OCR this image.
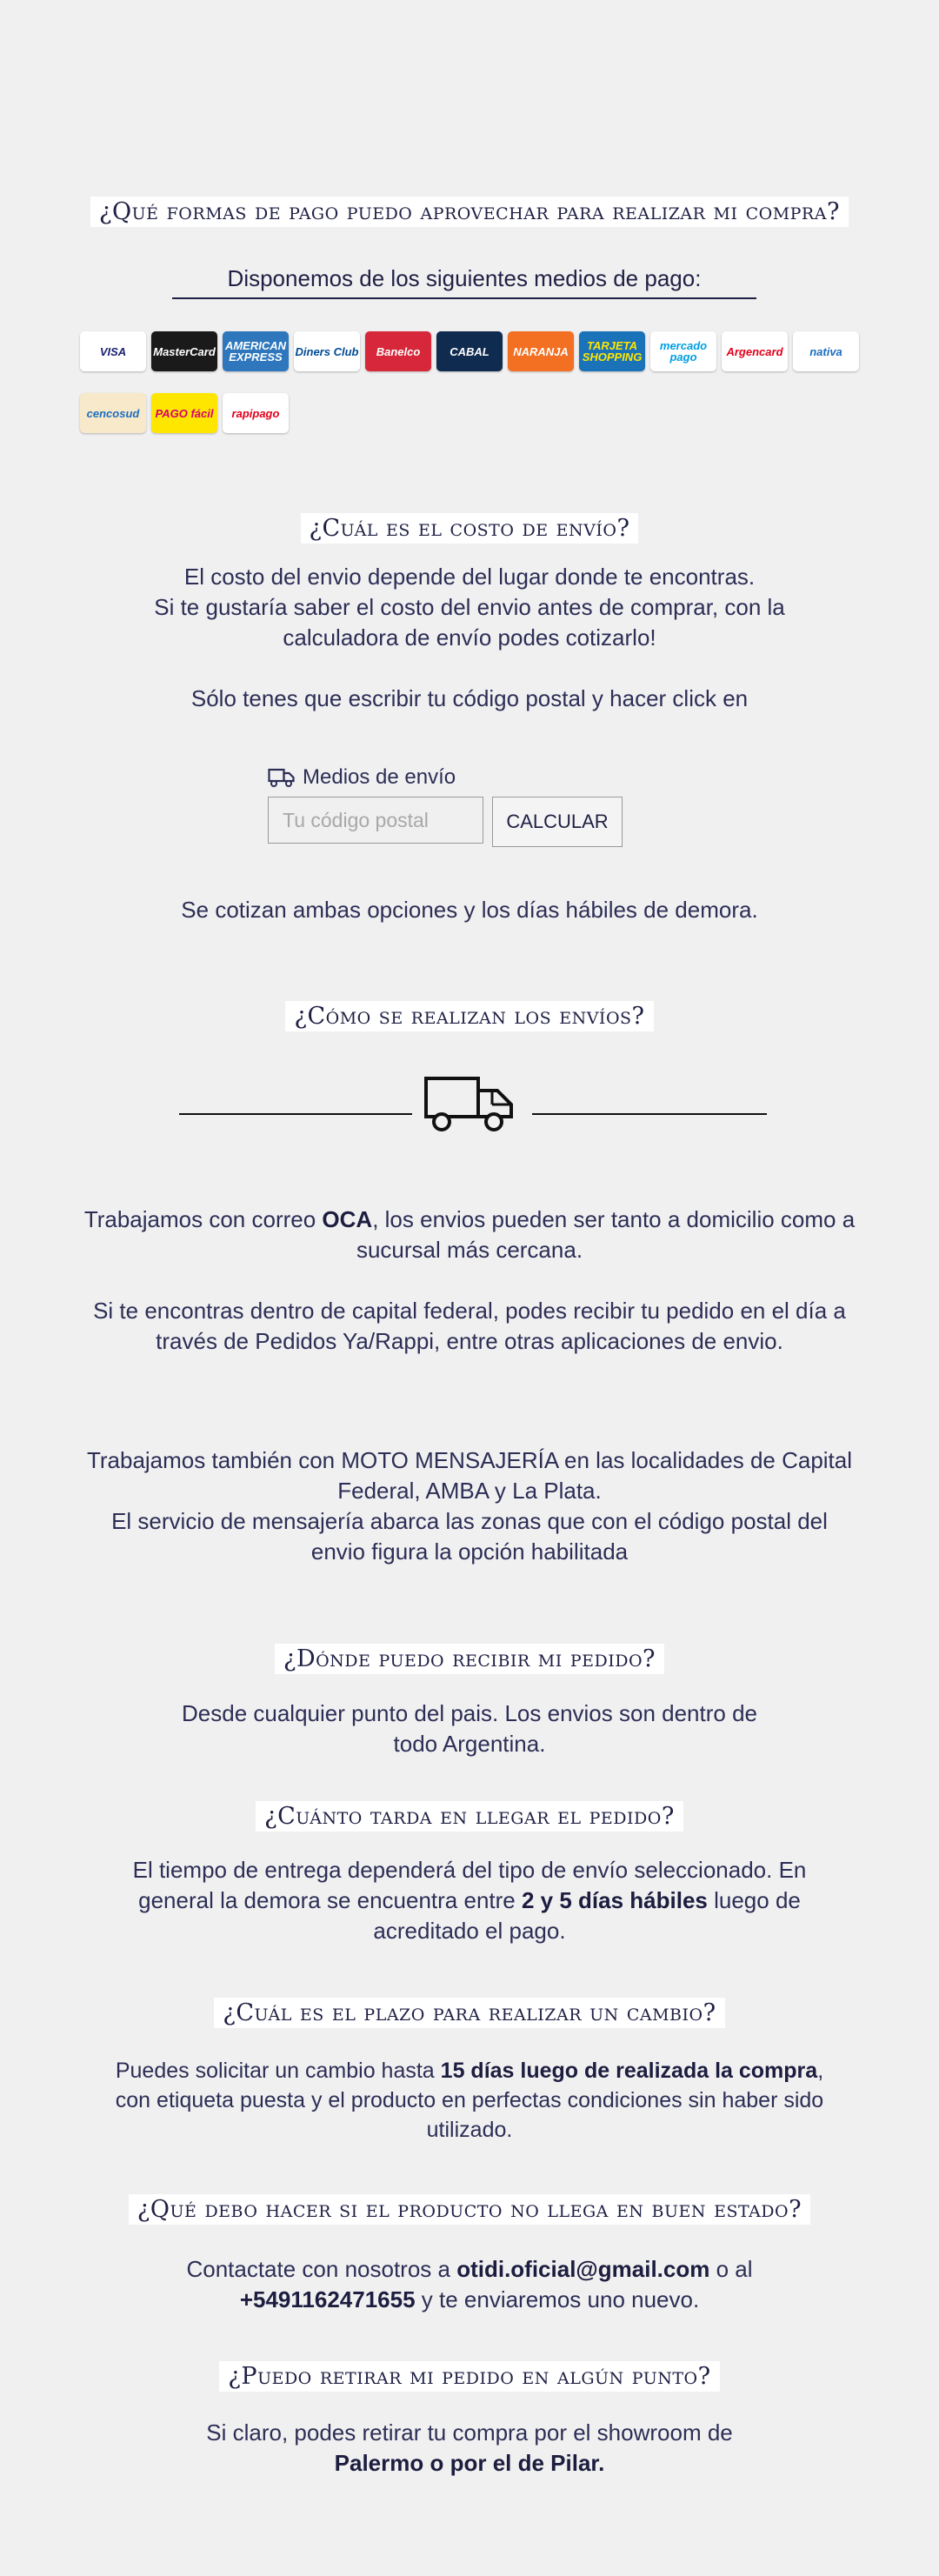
¿Qué formas de pago puedo aprovechar para realizar mi compra?
Disponemos de los siguientes medios de pago:
VISA	MasterCard AMERICAN EXPRESS	Diners Club	Banelco	CABAL	NARANJA	TARJETA SHOPPING
mercado pago	Argencard	nativa
cencosud	PAGO fácil	rapipago
¿Cuál es el costo de envío?
El costo del envio depende del lugar donde te encontras.
Si te gustaría saber el costo del envio antes de comprar, con la calculadora de envío podes cotizarlo!
Sólo tenes que escribir tu código postal y hacer click en
Medios de envío
Tu código postal
CALCULAR
Se cotizan ambas opciones y los días hábiles de demora.
¿Cómo se realizan los envíos?
Trabajamos con correo OCA, los envios pueden ser tanto a domicilio como a sucursal más cercana.
Si te encontras dentro de capital federal, podes recibir tu pedido en el día a través de Pedidos Ya/Rappi, entre otras aplicaciones de envio.
Trabajamos también con MOTO MENSAJERÍA en las localidades de Capital Federal, AMBA y La Plata.
El servicio de mensajería abarca las zonas que con el código postal del envio figura la opción habilitada
¿Dónde puedo recibir mi pedido?
Desde cualquier punto del pais. Los envios son dentro de todo Argentina.
¿Cuánto tarda en llegar el pedido?
El tiempo de entrega dependerá del tipo de envío seleccionado. En general la demora se encuentra entre 2 y 5 días hábiles luego de acreditado el pago.
¿Cuál es el plazo para realizar un cambio?
Puedes solicitar un cambio hasta 15 días luego de realizada la compra, con etiqueta puesta y el producto en perfectas condiciones sin haber sido utilizado.
¿Qué debo hacer si el producto no llega en buen estado?
Contactate con nosotros a otidi.oficial@gmail.com o al +5491162471655 y te enviaremos uno nuevo.
¿Puedo retirar mi pedido en algún punto?
Si claro, podes retirar tu compra por el showroom de Palermo o por el de Pilar.
